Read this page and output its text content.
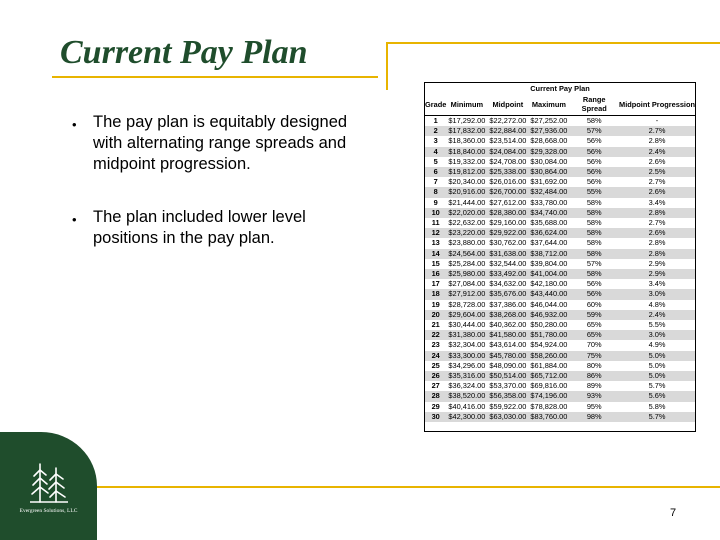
Current Pay Plan
• The pay plan is equitably designed with alternating range spreads and midpoint progression.
• The plan included lower level positions in the pay plan.
Current Pay Plan					
Grade	Minimum	Midpoint	Maximum	Range Spread	Midpoint Progression
1	$17,292.00	$22,272.00	$27,252.00	58%	-
2	$17,832.00	$22,884.00	$27,936.00	57%	2.7%
3	$18,360.00	$23,514.00	$28,668.00	56%	2.8%
4	$18,840.00	$24,084.00	$29,328.00	56%	2.4%
5	$19,332.00	$24,708.00	$30,084.00	56%	2.6%
6	$19,812.00	$25,338.00	$30,864.00	56%	2.5%
7	$20,340.00	$26,016.00	$31,692.00	56%	2.7%
8	$20,916.00	$26,700.00	$32,484.00	55%	2.6%
9	$21,444.00	$27,612.00	$33,780.00	58%	3.4%
10	$22,020.00	$28,380.00	$34,740.00	58%	2.8%
11	$22,632.00	$29,160.00	$35,688.00	58%	2.7%
12	$23,220.00	$29,922.00	$36,624.00	58%	2.6%
13	$23,880.00	$30,762.00	$37,644.00	58%	2.8%
14	$24,564.00	$31,638.00	$38,712.00	58%	2.8%
15	$25,284.00	$32,544.00	$39,804.00	57%	2.9%
16	$25,980.00	$33,492.00	$41,004.00	58%	2.9%
17	$27,084.00	$34,632.00	$42,180.00	56%	3.4%
18	$27,912.00	$35,676.00	$43,440.00	56%	3.0%
19	$28,728.00	$37,386.00	$46,044.00	60%	4.8%
20	$29,604.00	$38,268.00	$46,932.00	59%	2.4%
21	$30,444.00	$40,362.00	$50,280.00	65%	5.5%
22	$31,380.00	$41,580.00	$51,780.00	65%	3.0%
23	$32,304.00	$43,614.00	$54,924.00	70%	4.9%
24	$33,300.00	$45,780.00	$58,260.00	75%	5.0%
25	$34,296.00	$48,090.00	$61,884.00	80%	5.0%
26	$35,316.00	$50,514.00	$65,712.00	86%	5.0%
27	$36,324.00	$53,370.00	$69,816.00	89%	5.7%
28	$38,520.00	$56,358.00	$74,196.00	93%	5.6%
29	$40,416.00	$59,922.00	$78,828.00	95%	5.8%
30	$42,300.00	$63,030.00	$83,760.00	98%	5.7%
Evergreen Solutions, LLC	7
